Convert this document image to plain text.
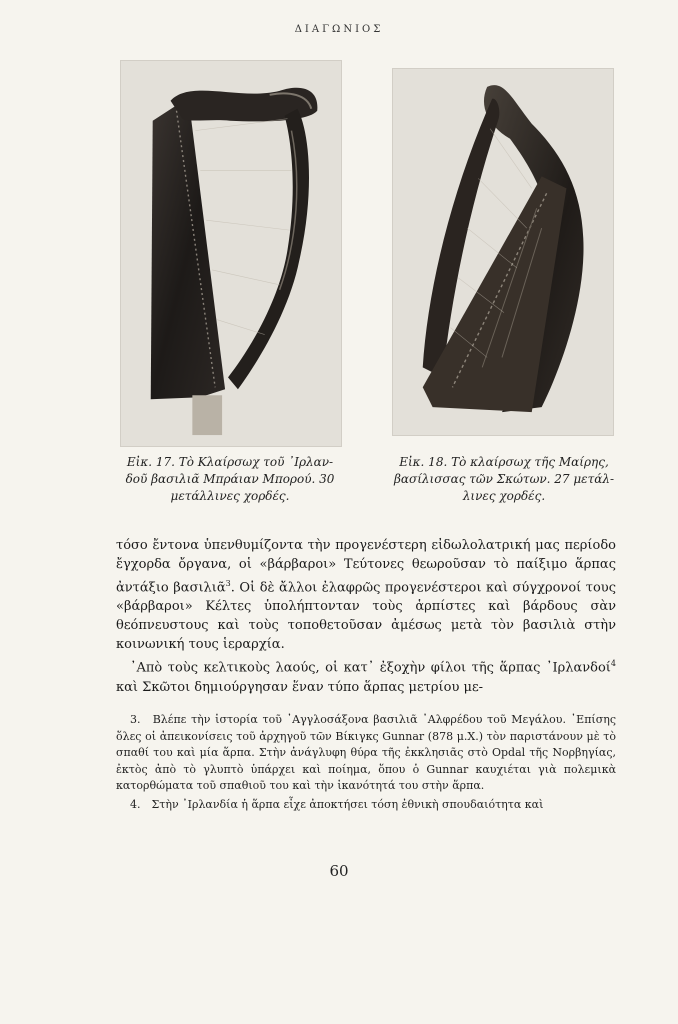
ΔΙΑΓΩΝΙΟΣ
Εἰκ. 17. Τὸ Κλαίρσωχ τοῦ ᾿Ιρλαν-
δοῦ βασιλιᾶ Μπράιαν Μπορού. 30
μετάλλινες χορδές.
Εἰκ. 18. Τὸ κλαίρσωχ τῆς Μαίρης,
βασίλισσας τῶν Σκώτων. 27 μετάλ-
λινες χορδές.

τόσο ἔντονα ὑπενθυμίζοντα τὴν προγενέστερη εἰδωλολατρική μας περίοδο ἔγχορδα ὄργανα, οἱ «βάρβαροι» Τεύτονες θεωροῦσαν τὸ παίξιμο ἅρπας ἀντάξιο βασιλιᾶ$^3$. Οἱ δὲ ἄλλοι ἐλαφρῶς προγενέστεροι καὶ σύγχρονοί τους «βάρβαροι» Κέλτες ὑπολήπτονταν τοὺς ἁρπίστες καὶ βάρδους σὰν θεόπνευστους καὶ τοὺς τοποθετοῦσαν ἀμέσως μετὰ τὸν βασιλιὰ στὴν κοινωνική τους ἱεραρχία.

᾿Απὸ τοὺς κελτικοὺς λαούς, οἱ κατ᾿ ἐξοχὴν φίλοι τῆς ἅρπας ᾿Ιρλανδοί$^4$ καὶ Σκῶτοι δημιούργησαν ἕναν τύπο ἅρπας μετρίου με-

3. Βλέπε τὴν ἱστορία τοῦ ᾿Αγγλοσάξονα βασιλιᾶ ᾿Αλφρέδου τοῦ Μεγάλου. ᾿Επίσης ὅλες οἱ ἀπεικονίσεις τοῦ ἀρχηγοῦ τῶν Βίκιγκς Gunnar (878 μ.Χ.) τὸν παριστάνουν μὲ τὸ σπαθί του καὶ μία ἅρπα. Στὴν ἀνάγλυφη θύρα τῆς ἐκκλησιᾶς στὸ Opdal τῆς Νορβηγίας, ἐκτὸς ἀπὸ τὸ γλυπτὸ ὑπάρχει καὶ ποίημα, ὅπου ὁ Gunnar καυχιέται γιὰ πολεμικὰ κατορθώματα τοῦ σπαθιοῦ του καὶ τὴν ἱκανότητά του στὴν ἅρπα.

4. Στὴν ᾿Ιρλανδία ἡ ἅρπα εἶχε ἀποκτήσει τόση ἐθνικὴ σπουδαιότητα καὶ

60
